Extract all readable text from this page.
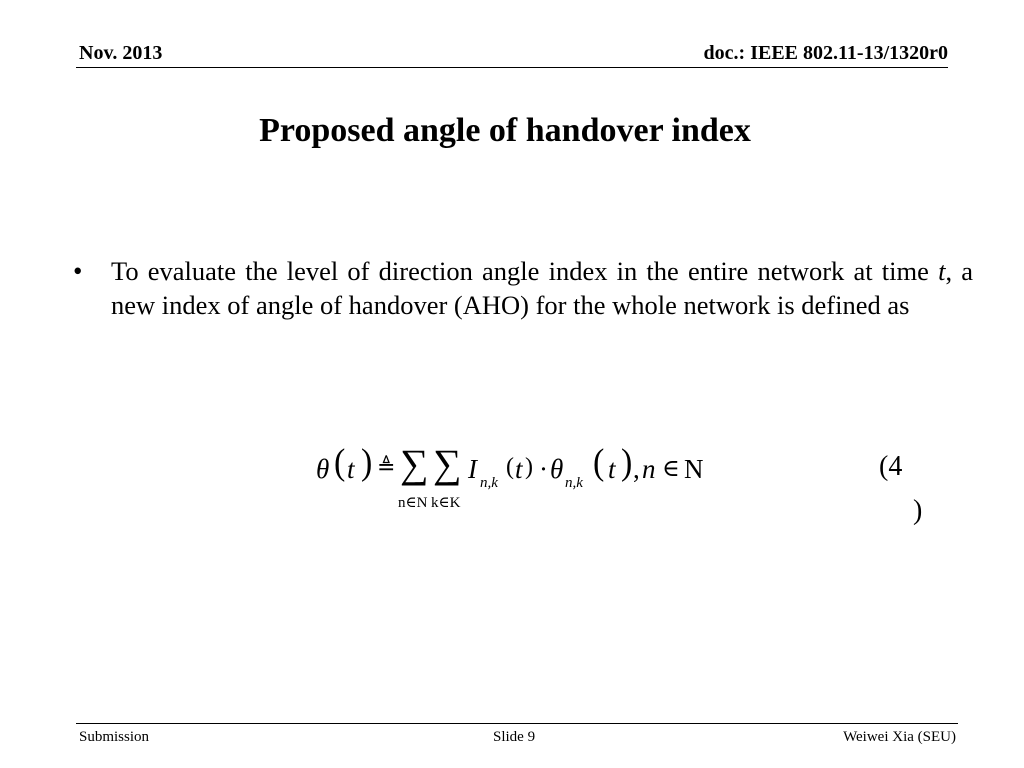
Nov. 2013	doc.: IEEE 802.11-13/1320r0
Proposed angle of handover index
• To evaluate the level of direction angle index in the entire network at time t, a new index of angle of handover (AHO) for the whole network is defined as
θ ( t ) ≜ ∑ ∑ I n,k
( t ) · θ n,k
( t ) , n ∈ N
n∈N k∈K
(4
)
Submission	Slide 9	Weiwei Xia (SEU)
